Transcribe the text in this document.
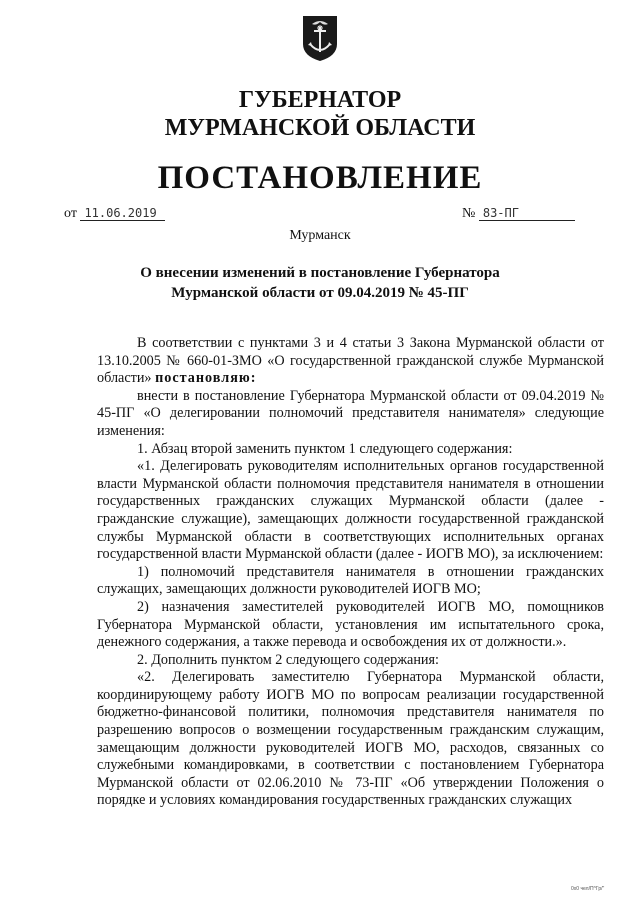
ГУБЕРНАТОР
МУРМАНСКОЙ ОБЛАСТИ
ПОСТАНОВЛЕНИЕ
от 11.06.2019	№ 83-ПГ
Мурманск
О внесении изменений в постановление Губернатора
Мурманской области от 09.04.2019 № 45-ПГ

В соответствии с пунктами 3 и 4 статьи 3 Закона Мурманской области от 13.10.2005 № 660-01-ЗМО «О государственной гражданской службе Мурманской области» постановляю:

внести в постановление Губернатора Мурманской области от 09.04.2019 № 45-ПГ «О делегировании полномочий представителя нанимателя» следующие изменения:

1. Абзац второй заменить пунктом 1 следующего содержания:

«1. Делегировать руководителям исполнительных органов государственной власти Мурманской области полномочия представителя нанимателя в отношении государственных гражданских служащих Мурманской области (далее - гражданские служащие), замещающих должности государственной гражданской службы Мурманской области в соответствующих исполнительных органах государственной власти Мурманской области (далее - ИОГВ МО), за исключением:

1) полномочий представителя нанимателя в отношении гражданских служащих, замещающих должности руководителей ИОГВ МО;

2) назначения заместителей руководителей ИОГВ МО, помощников Губернатора Мурманской области, установления им испытательного срока, денежного содержания, а также перевода и освобождения их от должности.».

2. Дополнить пунктом 2 следующего содержания:

«2. Делегировать заместителю Губернатора Мурманской области, координирующему работу ИОГВ МО по вопросам реализации государственной бюджетно-финансовой политики, полномочия представителя нанимателя по разрешению вопросов о возмещении государственным гражданским служащим, замещающим должности руководителей ИОГВ МО, расходов, связанных со служебными командировками, в соответствии с постановлением Губернатора Мурманской области от 02.06.2010 № 73-ПГ «Об утверждении Положения о порядке и условиях командирования государственных гражданских служащих

0x0 чел/П^Гр/"
